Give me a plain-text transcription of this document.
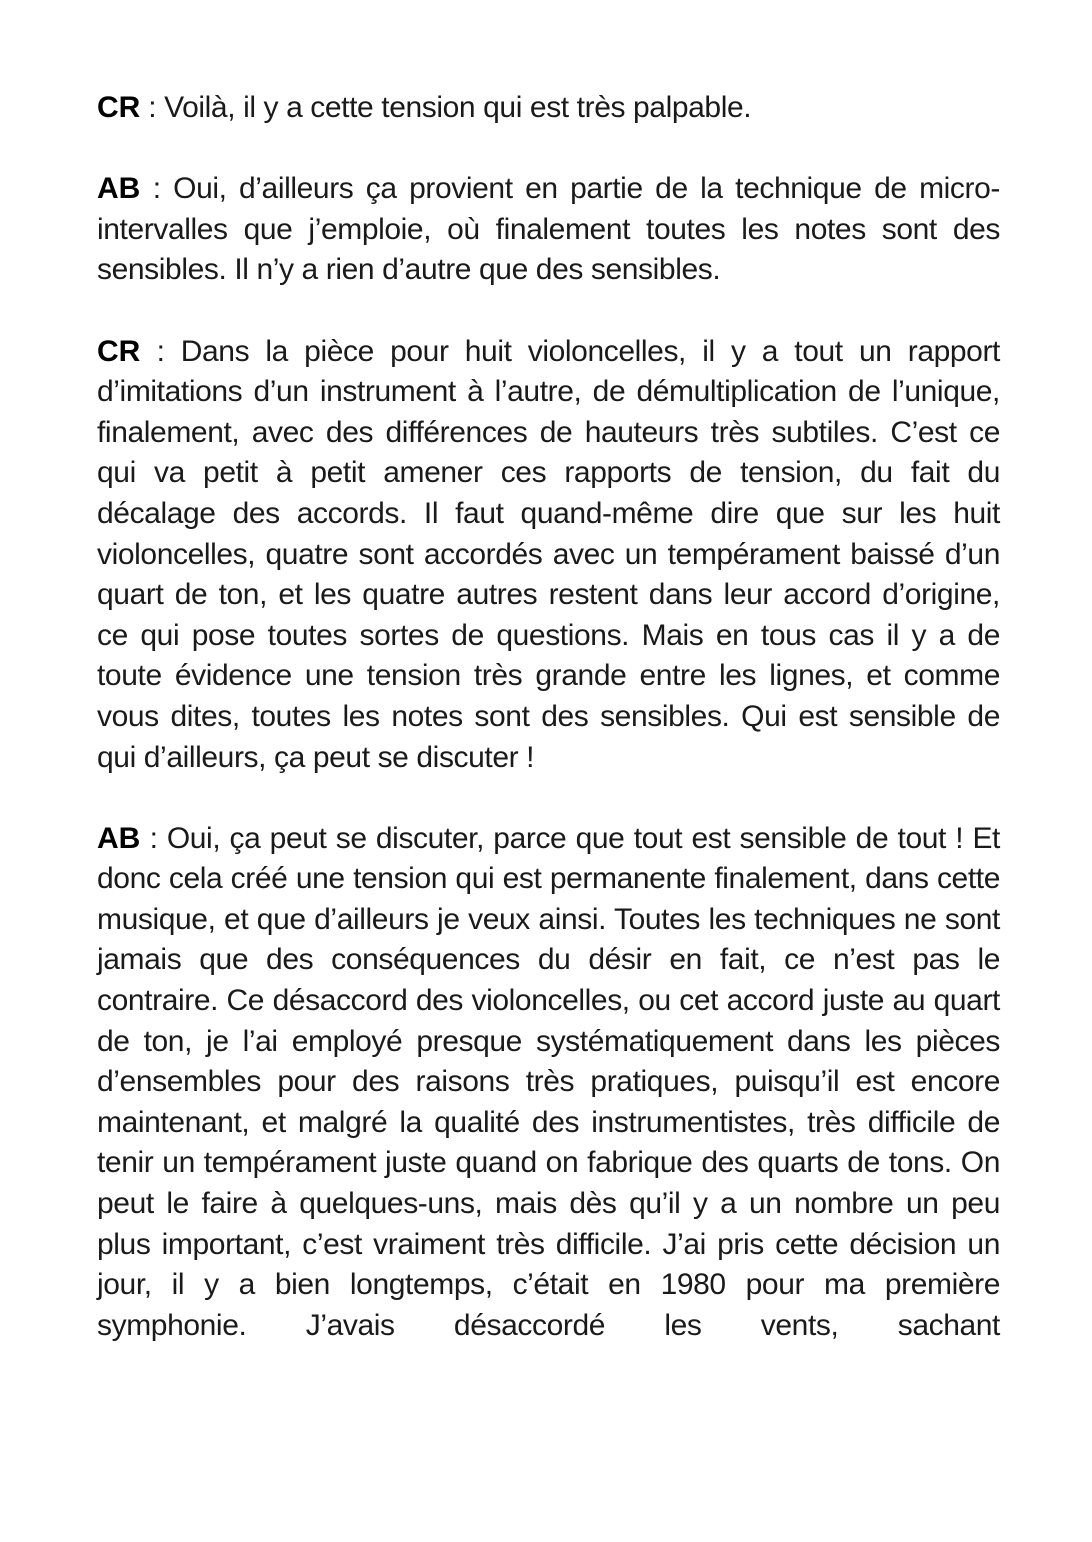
CR : Voilà, il y a cette tension qui est très palpable.

AB : Oui, d’ailleurs ça provient en partie de la technique de micro-intervalles que j’emploie, où finalement toutes les notes sont des sensibles. Il n’y a rien d’autre que des sensibles.

CR : Dans la pièce pour huit violoncelles, il y a tout un rapport d’imitations d’un instrument à l’autre, de démultiplication de l’unique, finalement, avec des différences de hauteurs très subtiles. C’est ce qui va petit à petit amener ces rapports de tension, du fait du décalage des accords. Il faut quand-même dire que sur les huit violoncelles, quatre sont accordés avec un tempérament baissé d’un quart de ton, et les quatre autres restent dans leur accord d’origine, ce qui pose toutes sortes de questions. Mais en tous cas il y a de toute évidence une tension très grande entre les lignes, et comme vous dites, toutes les notes sont des sensibles. Qui est sensible de qui d’ailleurs, ça peut se discuter !

AB : Oui, ça peut se discuter, parce que tout est sensible de tout ! Et donc cela créé une tension qui est permanente finalement, dans cette musique, et que d’ailleurs je veux ainsi. Toutes les techniques ne sont jamais que des conséquences du désir en fait, ce n’est pas le contraire. Ce désaccord des violoncelles, ou cet accord juste au quart de ton, je l’ai employé presque systématiquement dans les pièces d’ensembles pour des raisons très pratiques, puisqu’il est encore maintenant, et malgré la qualité des instrumentistes, très difficile de tenir un tempérament juste quand on fabrique des quarts de tons. On peut le faire à quelques-uns, mais dès qu’il y a un nombre un peu plus important, c’est vraiment très difficile. J’ai pris cette décision un jour, il y a bien longtemps, c’était en 1980 pour ma première symphonie. J’avais désaccordé les vents, sachant
